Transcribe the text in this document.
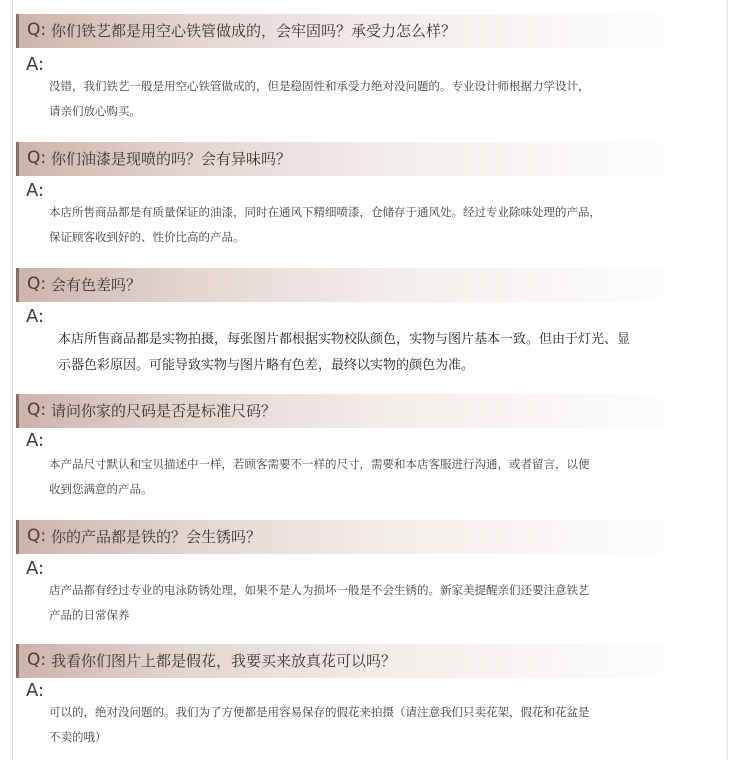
Q: 你们铁艺都是用空心铁管做成的，会牢固吗？承受力怎么样？
A:
没错，我们铁艺一般是用空心铁管做成的，但是稳固性和承受力绝对没问题的。专业设计师根据力学设计，
请亲们放心购买。
Q: 你们油漆是现喷的吗？会有异味吗？
A:
本店所售商品都是有质量保证的油漆，同时在通风下精细喷漆，仓储存于通风处。经过专业除味处理的产品，
保证顾客收到好的、性价比高的产品。
Q: 会有色差吗？
A:
本店所售商品都是实物拍摄，每张图片都根据实物校队颜色，实物与图片基本一致。但由于灯光、显
示器色彩原因。可能导致实物与图片略有色差，最终以实物的颜色为准。
Q: 请问你家的尺码是否是标准尺码？
A:
本产品尺寸默认和宝贝描述中一样，若顾客需要不一样的尺寸，需要和本店客服进行沟通，或者留言，以便
收到您满意的产品。
Q: 你的产品都是铁的？会生锈吗？
A:
店产品都有经过专业的电泳防锈处理，如果不是人为损坏一般是不会生锈的。新家美提醒亲们还要注意铁艺
产品的日常保养
Q: 我看你们图片上都是假花，我要买来放真花可以吗？
A:
可以的，绝对没问题的。我们为了方便都是用容易保存的假花来拍摄（请注意我们只卖花架，假花和花盆是
不卖的哦）
